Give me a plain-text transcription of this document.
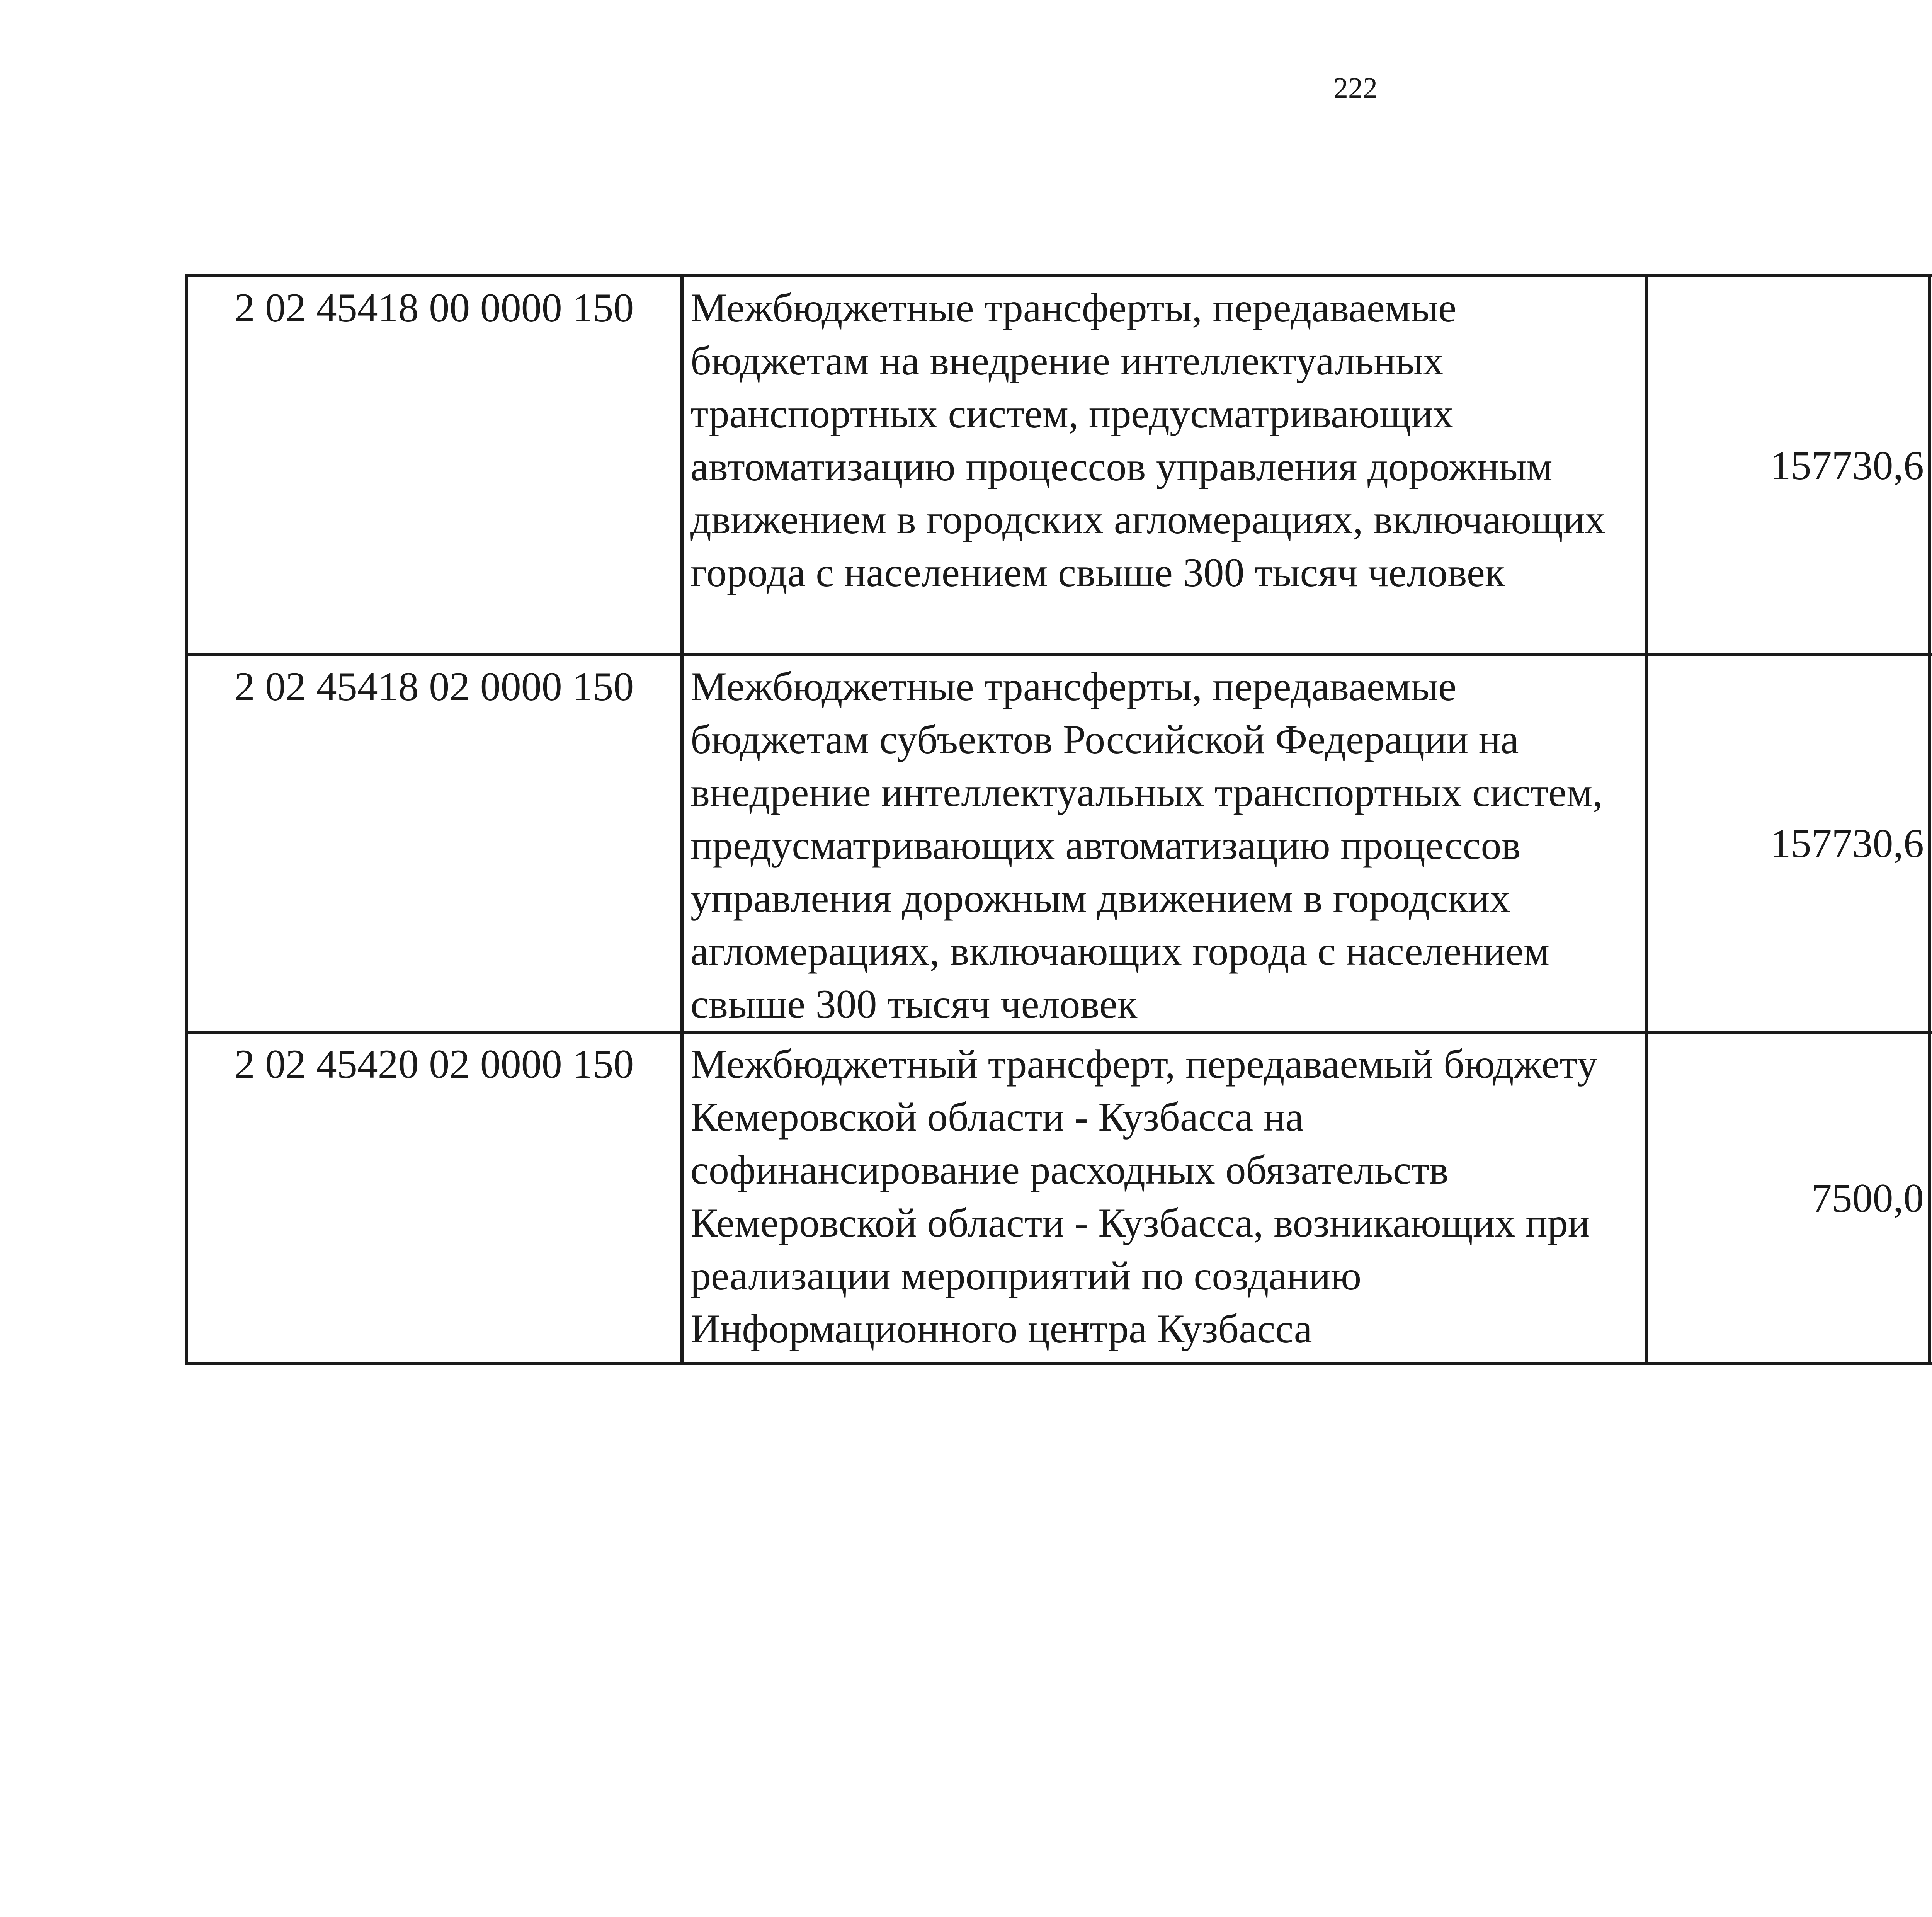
222
2 02 45418 00 0000 150	Межбюджетные трансферты, передаваемые бюджетам на внедрение интеллектуальных транспортных систем, предусматривающих автоматизацию процессов управления дорожным движением в городских агломерациях, включающих города с населением свыше 300 тысяч человек	157730,6		
2 02 45418 02 0000 150	Межбюджетные трансферты, передаваемые бюджетам субъектов Российской Федерации на внедрение интеллектуальных транспортных систем, предусматривающих автоматизацию процессов управления дорожным движением в городских агломерациях, включающих города с населением свыше 300 тысяч человек	157730,6		
2 02 45420 02 0000 150	Межбюджетный трансферт, передаваемый бюджету Кемеровской области - Кузбасса на софинансирование расходных обязательств Кемеровской области - Кузбасса, возникающих при реализации мероприятий по созданию Информационного центра Кузбасса	7500,0		
